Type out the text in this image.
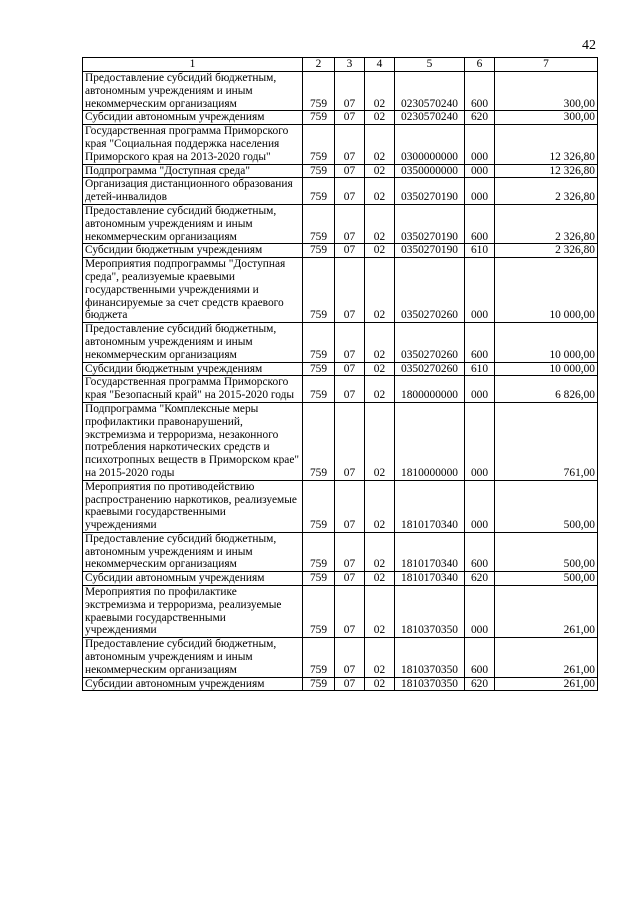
42
1	2	3	4	5	6	7
Предоставление субсидий бюджетным, автономным учреждениям и иным некоммерческим организациям	759	07	02	0230570240	600	300,00
Субсидии автономным учреждениям	759	07	02	0230570240	620	300,00
Государственная программа Приморского края "Социальная поддержка населения Приморского края на 2013-2020 годы"	759	07	02	0300000000	000	12 326,80
Подпрограмма "Доступная среда"	759	07	02	0350000000	000	12 326,80
Организация дистанционного образования детей-инвалидов	759	07	02	0350270190	000	2 326,80
Предоставление субсидий бюджетным, автономным учреждениям и иным некоммерческим организациям	759	07	02	0350270190	600	2 326,80
Субсидии бюджетным учреждениям	759	07	02	0350270190	610	2 326,80
Мероприятия подпрограммы "Доступная среда", реализуемые краевыми государственными учреждениями и финансируемые за счет средств краевого бюджета	759	07	02	0350270260	000	10 000,00
Предоставление субсидий бюджетным, автономным учреждениям и иным некоммерческим организациям	759	07	02	0350270260	600	10 000,00
Субсидии бюджетным учреждениям	759	07	02	0350270260	610	10 000,00
Государственная программа Приморского края "Безопасный край" на 2015-2020 годы	759	07	02	1800000000	000	6 826,00
Подпрограмма "Комплексные меры профилактики правонарушений, экстремизма и терроризма, незаконного потребления наркотических средств и психотропных веществ в Приморском крае" на 2015-2020 годы	759	07	02	1810000000	000	761,00
Мероприятия по противодействию распространению наркотиков, реализуемые краевыми государственными учреждениями	759	07	02	1810170340	000	500,00
Предоставление субсидий бюджетным, автономным учреждениям и иным некоммерческим организациям	759	07	02	1810170340	600	500,00
Субсидии автономным учреждениям	759	07	02	1810170340	620	500,00
Мероприятия по профилактике экстремизма и терроризма, реализуемые краевыми государственными учреждениями	759	07	02	1810370350	000	261,00
Предоставление субсидий бюджетным, автономным учреждениям и иным некоммерческим организациям	759	07	02	1810370350	600	261,00
Субсидии автономным учреждениям	759	07	02	1810370350	620	261,00
